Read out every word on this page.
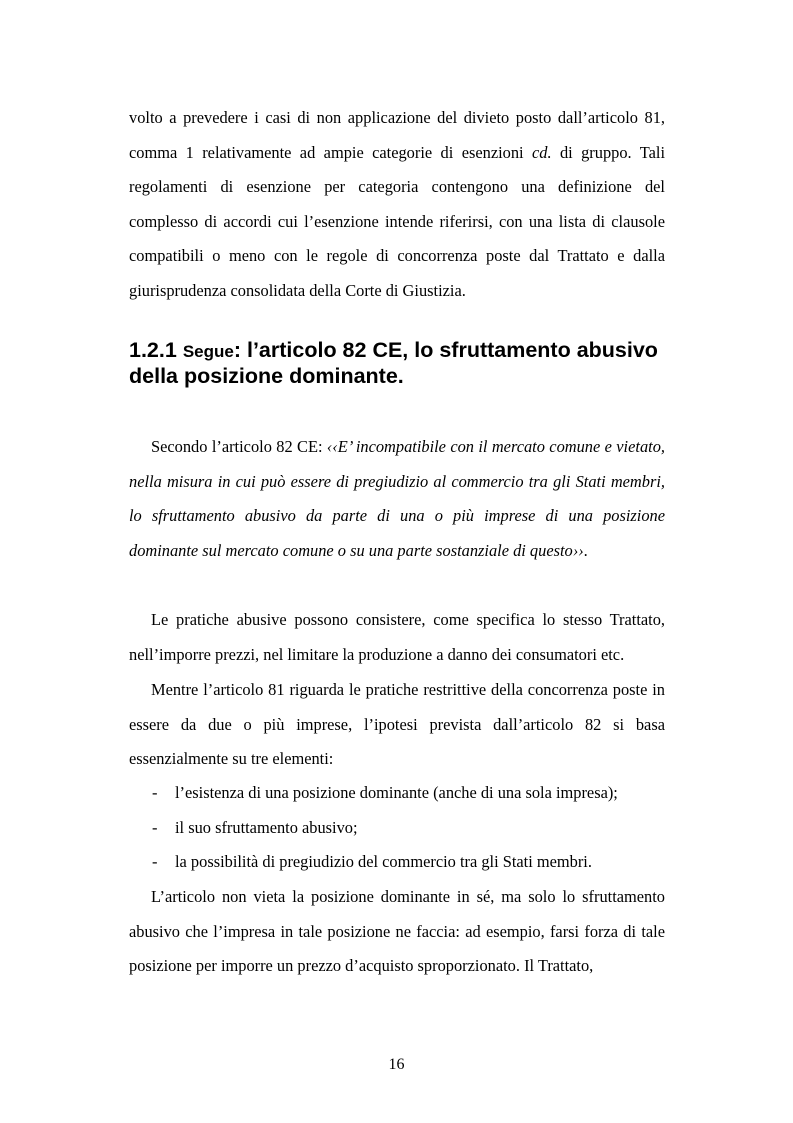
volto a prevedere i casi di non applicazione del divieto posto dall’articolo 81, comma 1 relativamente ad ampie categorie di esenzioni cd. di gruppo. Tali regolamenti di esenzione per categoria contengono una definizione del complesso di accordi cui l’esenzione intende riferirsi, con una lista di clausole compatibili o meno con le regole di concorrenza poste dal Trattato e dalla giurisprudenza consolidata della Corte di Giustizia.

1.2.1 Segue: l’articolo 82 CE, lo sfruttamento abusivo della posizione dominante.

Secondo l’articolo 82 CE: ‹‹E’ incompatibile con il mercato comune e vietato, nella misura in cui può essere di pregiudizio al commercio tra gli Stati membri, lo sfruttamento abusivo da parte di una o più imprese di una posizione dominante sul mercato comune o su una parte sostanziale di questo››.

Le pratiche abusive possono consistere, come specifica lo stesso Trattato, nell’imporre prezzi, nel limitare la produzione a danno dei consumatori etc.

Mentre l’articolo 81 riguarda le pratiche restrittive della concorrenza poste in essere da due o più imprese, l’ipotesi prevista dall’articolo 82 si basa essenzialmente su tre elementi:

- l’esistenza di una posizione dominante (anche di una sola impresa);
- il suo sfruttamento abusivo;
- la possibilità di pregiudizio del commercio tra gli Stati membri.

L’articolo non vieta la posizione dominante in sé, ma solo lo sfruttamento abusivo che l’impresa in tale posizione ne faccia: ad esempio, farsi forza di tale posizione per imporre un prezzo d’acquisto sproporzionato. Il Trattato,

16
